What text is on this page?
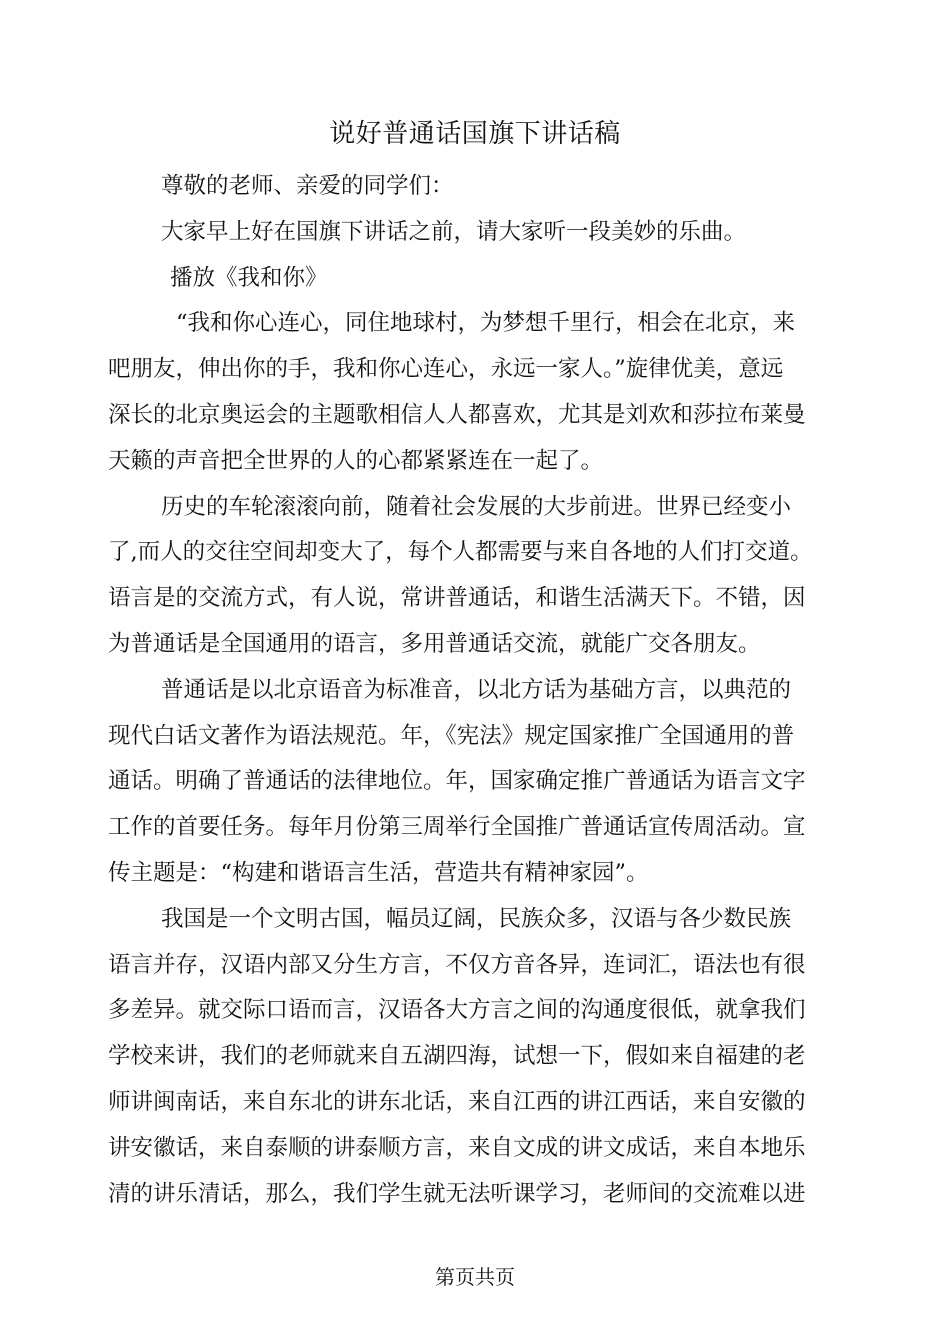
说好普通话国旗下讲话稿
尊敬的老师、亲爱的同学们：
大家早上好在国旗下讲话之前，请大家听一段美妙的乐曲。
播放《我和你》
“我和你心连心，同住地球村，为梦想千里行，相会在北京，来
吧朋友，伸出你的手，我和你心连心，永远一家人。”旋律优美，意远
深长的北京奥运会的主题歌相信人人都喜欢，尤其是刘欢和莎拉布莱曼
天籁的声音把全世界的人的心都紧紧连在一起了。
历史的车轮滚滚向前，随着社会发展的大步前进。世界已经变小
了,而人的交往空间却变大了，每个人都需要与来自各地的人们打交道。
语言是的交流方式，有人说，常讲普通话，和谐生活满天下。不错，因
为普通话是全国通用的语言，多用普通话交流，就能广交各朋友。
普通话是以北京语音为标准音，以北方话为基础方言，以典范的
现代白话文著作为语法规范。年，《宪法》规定国家推广全国通用的普
通话。明确了普通话的法律地位。年，国家确定推广普通话为语言文字
工作的首要任务。每年月份第三周举行全国推广普通话宣传周活动。宣
传主题是：“构建和谐语言生活，营造共有精神家园”。
我国是一个文明古国，幅员辽阔，民族众多，汉语与各少数民族
语言并存，汉语内部又分生方言，不仅方音各异，连词汇，语法也有很
多差异。就交际口语而言，汉语各大方言之间的沟通度很低，就拿我们
学校来讲，我们的老师就来自五湖四海，试想一下，假如来自福建的老
师讲闽南话，来自东北的讲东北话，来自江西的讲江西话，来自安徽的
讲安徽话，来自泰顺的讲泰顺方言，来自文成的讲文成话，来自本地乐
清的讲乐清话，那么，我们学生就无法听课学习，老师间的交流难以进
第页共页
